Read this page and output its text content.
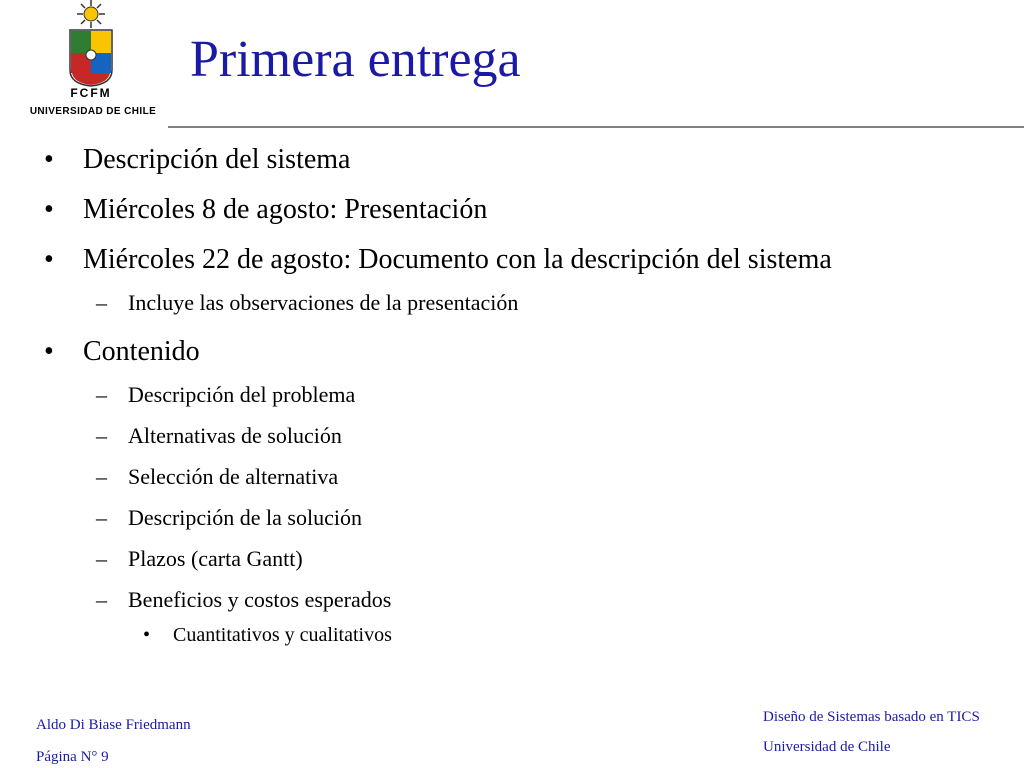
FCFM
UNIVERSIDAD DE CHILE
Primera entrega
• Descripción del sistema
• Miércoles 8 de agosto: Presentación
• Miércoles 22 de agosto: Documento con la descripción del sistema
– Incluye las observaciones de la presentación
• Contenido
– Descripción del problema
– Alternativas de solución
– Selección de alternativa
– Descripción de la solución
– Plazos (carta Gantt)
– Beneficios y costos esperados
• Cuantitativos y cualitativos
Aldo Di Biase Friedmann
Página N° 9
Diseño de Sistemas basado en TICS
Universidad de Chile
